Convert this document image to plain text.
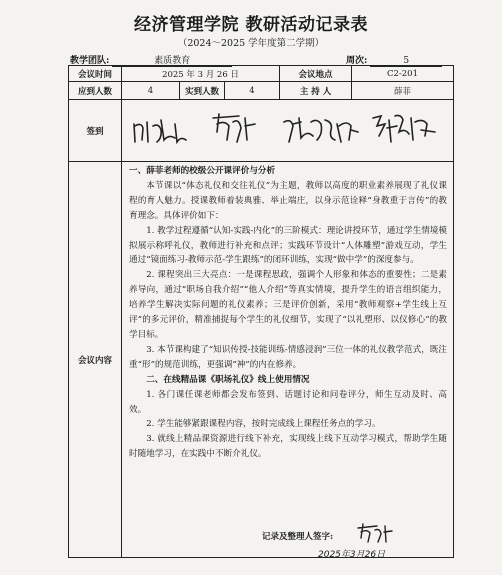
经济管理学院 教研活动记录表
（2024～2025 学年度第二学期）
教学团队:	素质教育	周次:	5
会议时间	2025 年 3 月 26 日	会议地点	C2-201
应到人数	4	实到人数	4	主 持 人	薛菲
签到
会议内容

一、薛菲老师的校级公开课评价与分析

本节课以“体态礼仪和交往礼仪”为主题，教师以高度的职业素养展现了礼仪课程的育人魅力。授课教师着装典雅、举止端庄，以身示范诠释“身教重于言传”的教育理念。具体评价如下：

1. 教学过程遵循“认知-实践-内化”的三阶模式：理论讲授环节，通过学生情境模拟展示称呼礼仪，教师进行补充和点评；实践环节设计“人体雕塑”游戏互动，学生通过“镜面练习-教师示范-学生跟练”的闭环训练，实现“做中学”的深度参与。

2. 课程突出三大亮点：一是课程思政，强调个人形象和体态的重要性；二是素养导向，通过“职场自我介绍”“他人介绍”等真实情境，提升学生的语言组织能力，培养学生解决实际问题的礼仪素养；三是评价创新，采用“教师观察+学生线上互评”的多元评价，精准捕捉每个学生的礼仪细节，实现了“以礼塑形、以仪修心”的教学目标。

3. 本节课构建了“知识传授-技能训练-情感浸润”三位一体的礼仪教学范式，既注重“形”的规范训练，更强调“神”的内在修养。

二、在线精品课《职场礼仪》线上使用情况

1. 各门课任课老师都会发布签到、话题讨论和问卷评分，师生互动及时、高效。

2. 学生能够紧跟课程内容，按时完成线上课程任务点的学习。

3. 就线上精品课资源进行线下补充，实现线上线下互动学习模式，帮助学生随时随地学习，在实践中不断介礼仪。

记录及整理人签字:
2025年3月26日
